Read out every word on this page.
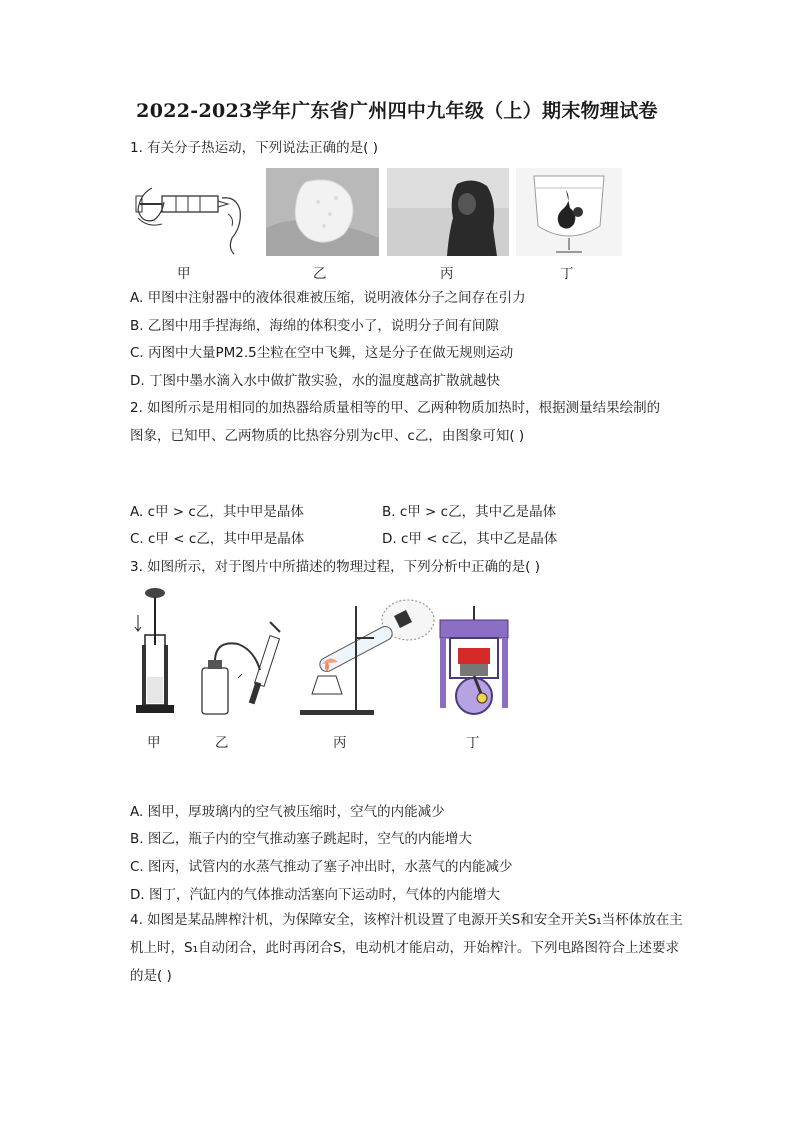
2022-2023学年广东省广州四中九年级（上）期末物理试卷
1. 有关分子热运动，下列说法正确的是( )
甲	乙	丙	丁
A. 甲图中注射器中的液体很难被压缩，说明液体分子之间存在引力
B. 乙图中用手捏海绵，海绵的体积变小了，说明分子间有间隙
C. 丙图中大量PM2.5尘粒在空中飞舞，这是分子在做无规则运动
D. 丁图中墨水滴入水中做扩散实验，水的温度越高扩散就越快
2. 如图所示是用相同的加热器给质量相等的甲、乙两种物质加热时，根据测量结果绘制的
图象，已知甲、乙两物质的比热容分别为c甲、c乙，由图象可知( )
A. c甲 > c乙，其中甲是晶体	B. c甲 > c乙，其中乙是晶体
C. c甲 < c乙，其中甲是晶体	D. c甲 < c乙，其中乙是晶体
3. 如图所示，对于图片中所描述的物理过程，下列分析中正确的是( )
甲	乙	丙	丁
A. 图甲，厚玻璃内的空气被压缩时，空气的内能减少
B. 图乙，瓶子内的空气推动塞子跳起时，空气的内能增大
C. 图丙，试管内的水蒸气推动了塞子冲出时，水蒸气的内能减少
D. 图丁，汽缸内的气体推动活塞向下运动时，气体的内能增大
4. 如图是某品牌榨汁机，为保障安全，该榨汁机设置了电源开关S和安全开关S₁当杯体放在主机上时，S₁自动闭合，此时再闭合S，电动机才能启动，开始榨汁。下列电路图符合上述要求的是( )
